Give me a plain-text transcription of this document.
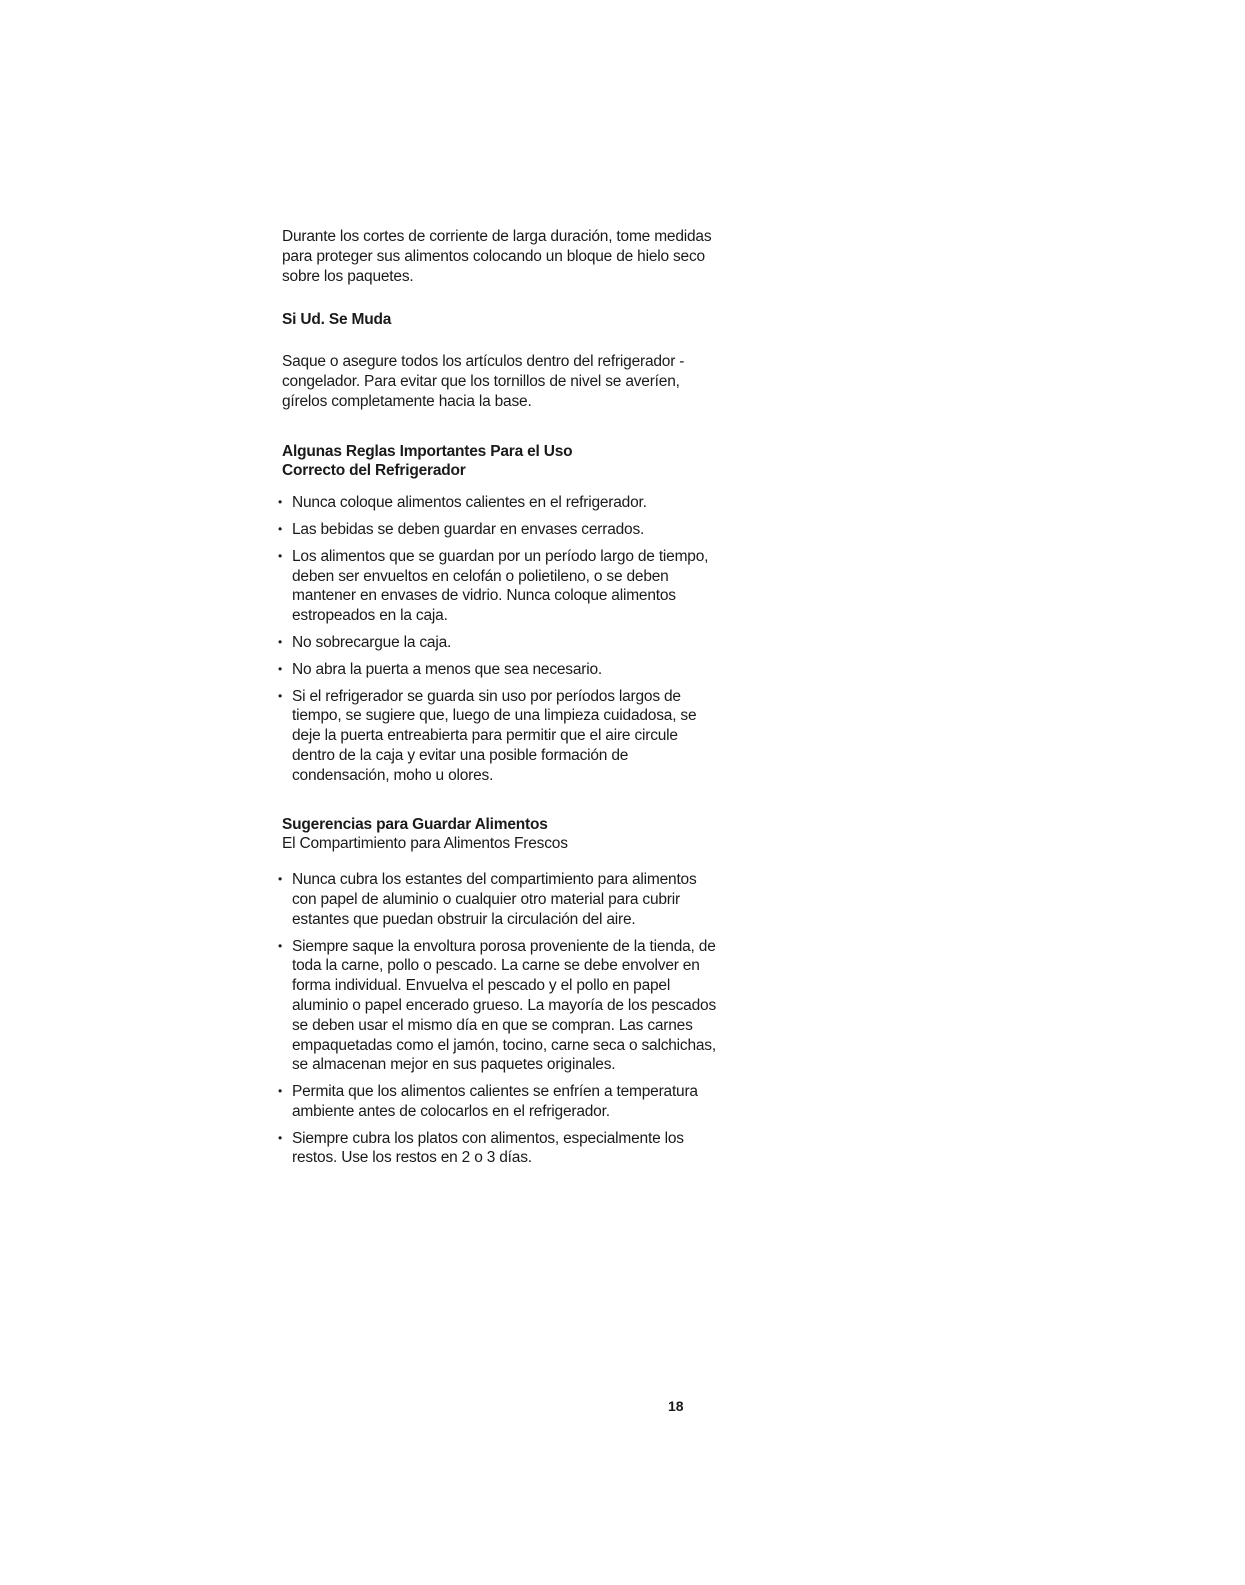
Durante los cortes de corriente de larga duración, tome medidas para proteger sus alimentos colocando un bloque de hielo seco sobre los paquetes.

Si Ud. Se Muda

Saque o asegure todos los artículos dentro del refrigerador - congelador. Para evitar que los tornillos de nivel se averíen, gírelos completamente hacia la base.

Algunas Reglas Importantes Para el Uso

Correcto del Refrigerador

• Nunca coloque alimentos calientes en el refrigerador.
• Las bebidas se deben guardar en envases cerrados.
• Los alimentos que se guardan por un período largo de tiempo, deben ser envueltos en celofán o polietileno, o se deben mantener en envases de vidrio. Nunca coloque alimentos estropeados en la caja.
• No sobrecargue la caja.
• No abra la puerta a menos que sea necesario.
• Si el refrigerador se guarda sin uso por períodos largos de tiempo, se sugiere que, luego de una limpieza cuidadosa, se deje la puerta entreabierta para permitir que el aire circule dentro de la caja y evitar una posible formación de condensación, moho u olores.

Sugerencias para Guardar Alimentos

El Compartimiento para Alimentos Frescos

• Nunca cubra los estantes del compartimiento para alimentos con papel de aluminio o cualquier otro material para cubrir estantes que puedan obstruir la circulación del aire.
• Siempre saque la envoltura porosa proveniente de la tienda, de toda la carne, pollo o pescado. La carne se debe envolver en forma individual. Envuelva el pescado y el pollo en papel aluminio o papel encerado grueso. La mayoría de los pescados se deben usar el mismo día en que se compran. Las carnes empaquetadas como el jamón, tocino, carne seca o salchichas, se almacenan mejor en sus paquetes originales.
• Permita que los alimentos calientes se enfríen a temperatura ambiente antes de colocarlos en el refrigerador.
• Siempre cubra los platos con alimentos, especialmente los restos. Use los restos en 2 o 3 días.
18
